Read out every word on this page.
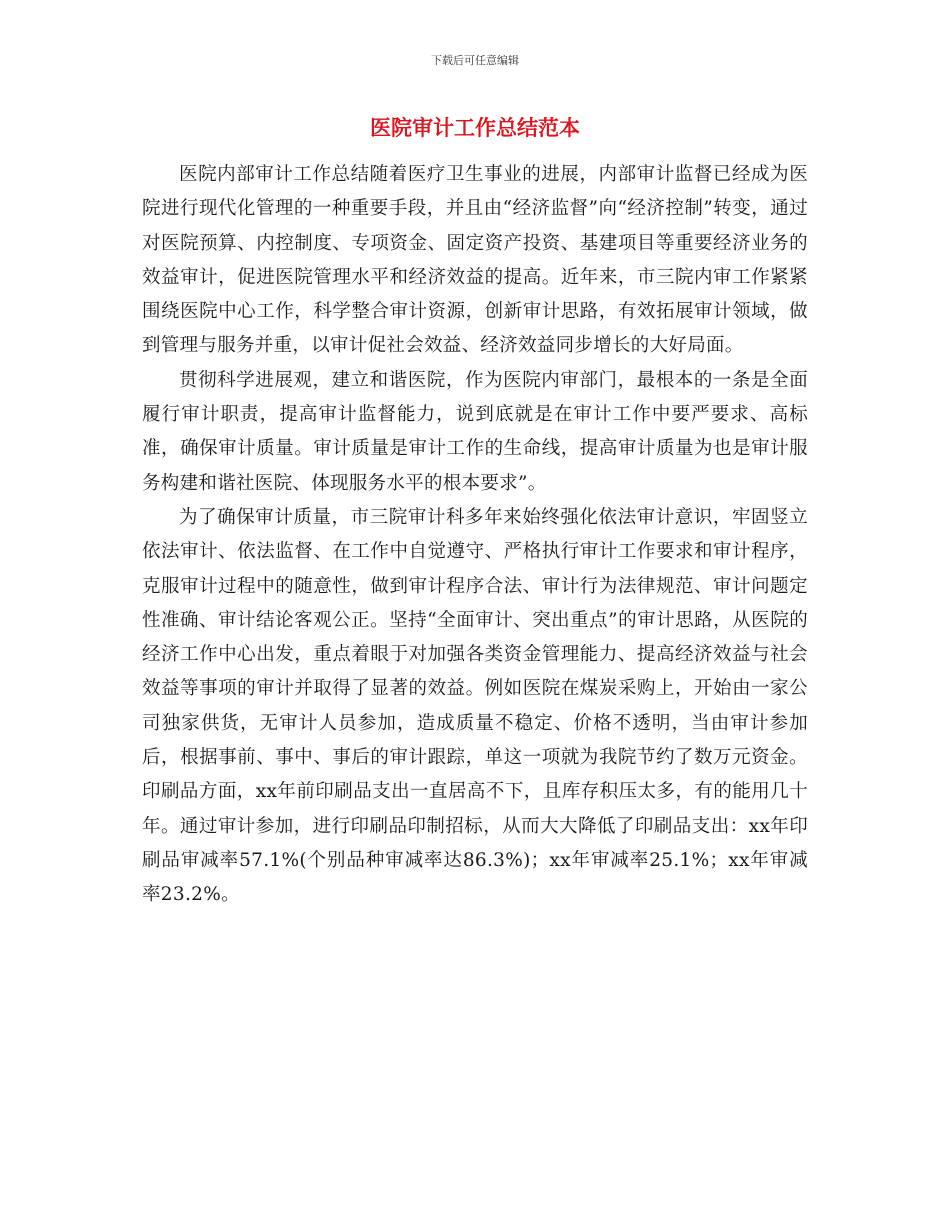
下载后可任意编辑
医院审计工作总结范本

医院内部审计工作总结随着医疗卫生事业的进展，内部审计监督已经成为医院进行现代化管理的一种重要手段，并且由“经济监督”向“经济控制”转变，通过对医院预算、内控制度、专项资金、固定资产投资、基建项目等重要经济业务的效益审计，促进医院管理水平和经济效益的提高。近年来，市三院内审工作紧紧围绕医院中心工作，科学整合审计资源，创新审计思路，有效拓展审计领域，做到管理与服务并重，以审计促社会效益、经济效益同步增长的大好局面。

贯彻科学进展观，建立和谐医院，作为医院内审部门，最根本的一条是全面履行审计职责，提高审计监督能力，说到底就是在审计工作中要严要求、高标准，确保审计质量。审计质量是审计工作的生命线，提高审计质量为也是审计服务构建和谐社医院、体现服务水平的根本要求”。

为了确保审计质量，市三院审计科多年来始终强化依法审计意识，牢固竖立依法审计、依法监督、在工作中自觉遵守、严格执行审计工作要求和审计程序，克服审计过程中的随意性，做到审计程序合法、审计行为法律规范、审计问题定性准确、审计结论客观公正。坚持“全面审计、突出重点”的审计思路，从医院的经济工作中心出发，重点着眼于对加强各类资金管理能力、提高经济效益与社会效益等事项的审计并取得了显著的效益。例如医院在煤炭采购上，开始由一家公司独家供货，无审计人员参加，造成质量不稳定、价格不透明，当由审计参加后，根据事前、事中、事后的审计跟踪，单这一项就为我院节约了数万元资金。印刷品方面，xx年前印刷品支出一直居高不下，且库存积压太多，有的能用几十年。通过审计参加，进行印刷品印制招标，从而大大降低了印刷品支出：xx年印刷品审减率57.1%(个别品种审减率达86.3%)；xx年审减率25.1%；xx年审减率23.2%。
